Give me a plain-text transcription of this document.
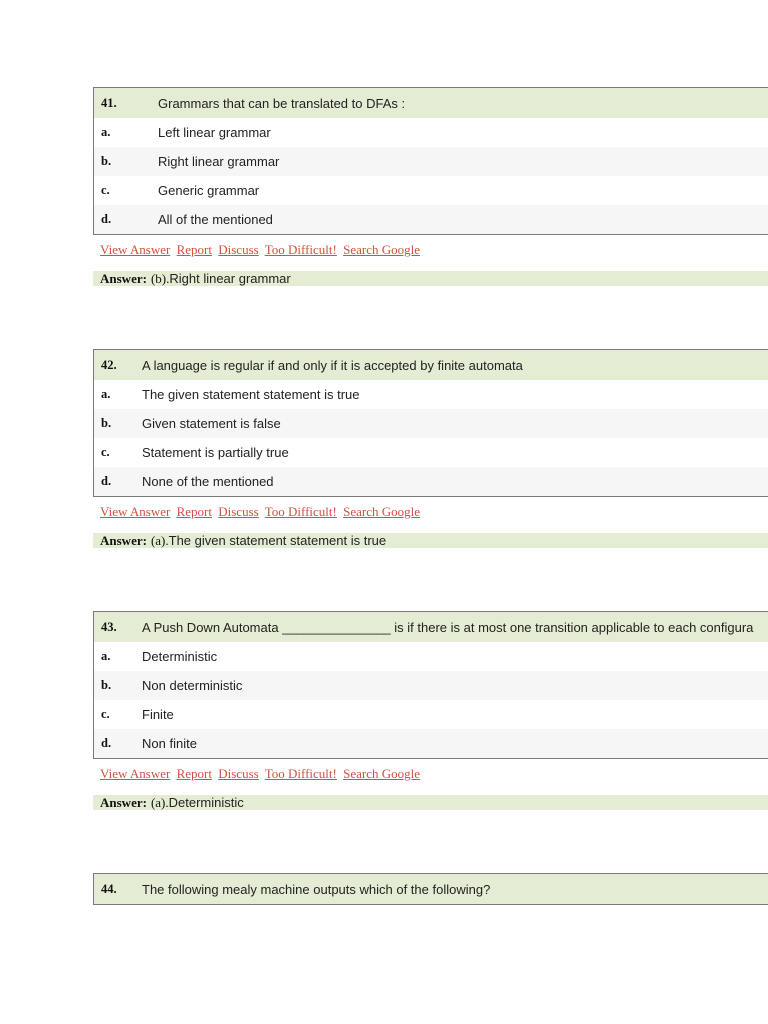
41.	Grammars that can be translated to DFAs :
a.	Left linear grammar
b.	Right linear grammar
c.	Generic grammar
d.	All of the mentioned
View Answer Report Discuss Too Difficult! Search Google
Answer: (b). Right linear grammar
42.	A language is regular if and only if it is accepted by finite automata
a.	The given statement statement is true
b.	Given statement is false
c.	Statement is partially true
d.	None of the mentioned
View Answer Report Discuss Too Difficult! Search Google
Answer: (a). The given statement statement is true
43.	A Push Down Automata _______________ is if there is at most one transition applicable to each configura
a.	Deterministic
b.	Non deterministic
c.	Finite
d.	Non finite
View Answer Report Discuss Too Difficult! Search Google
Answer: (a). Deterministic
44.	The following mealy machine outputs which of the following?
